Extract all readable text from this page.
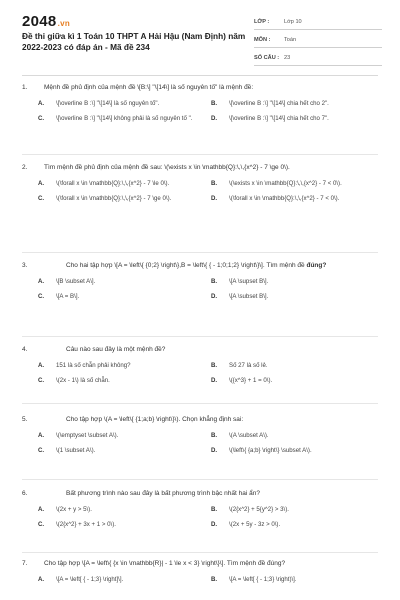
2048.vn
Đề thi giữa kì 1 Toán 10 THPT A Hải Hậu (Nam Định) năm 2022-2023 có đáp án - Mã đề 234
LỚP :	Lớp 10
MÔN :	Toán
SỐ CÂU : 23
1.	Mệnh đề phủ định của mệnh đề \[B:\] "\[14\] là số nguyên tố" là mệnh đề:
A.	\[\overline B :\] "\[14\] là số nguyên tố".	B.	\[\overline B :\] "\[14\] chia hết cho 2".
C.	\[\overline B :\] "\[14\] không phải là số nguyên tố ".	D.	\[\overline B :\] "\[14\] chia hết cho 7".
2.	Tìm mệnh đề phủ định của mệnh đề sau: \(\exists x \in \mathbb{Q}:\,\,{x^2} - 7 \ge 0\).
A.	\(\forall x \in \mathbb{Q}:\,\,{x^2} - 7 \le 0\).	B.	\(\exists x \in \mathbb{Q}:\,\,{x^2} - 7 < 0\).
C.	\(\forall x \in \mathbb{Q}:\,\,{x^2} - 7 \ge 0\).	D.	\(\forall x \in \mathbb{Q}:\,\,{x^2} - 7 < 0\).
3.	Cho hai tập hợp \[A = \left\{ {0;2} \right\},B = \left\{ { - 1;0;1;2} \right\}\]. Tìm mệnh đề đúng?
A.	\[B \subset A\].	B.	\[A \supset B\].
C.	\[A = B\].	D.	\[A \subset B\].
4.	Câu nào sau đây là một mệnh đề?
A.	151 là số chẵn phải không?	B.	Số 27 là số lẻ.
C.	\(2x - 1\) là số chẵn.	D.	\({x^3} + 1 = 0\).
5.	Cho tập hợp \(A = \left\{ {1;a;b} \right\}\). Chọn khẳng định sai:
A.	\(\emptyset \subset A\).	B.	\(A \subset A\).
C.	\(1 \subset A\).	D.	\(\left\{ {a;b} \right\} \subset A\).
6.	Bất phương trình nào sau đây là bất phương trình bậc nhất hai ẩn?
A.	\(2x + y > 5\).	B.	\(2{x^2} + 5{y^2} > 3\).
C.	\(2{x^2} + 3x + 1 > 0\).	D.	\(2x + 5y - 3z > 0\).
7.	Cho tập hợp \[A = \left\{ {x \in \mathbb{R}| - 1 \le x < 3} \right\}\]. Tìm mệnh đề đúng?
A.	\[A = \left[ { - 1;3} \right]\].	B.	\[A = \left[ { - 1;3} \right)\].
